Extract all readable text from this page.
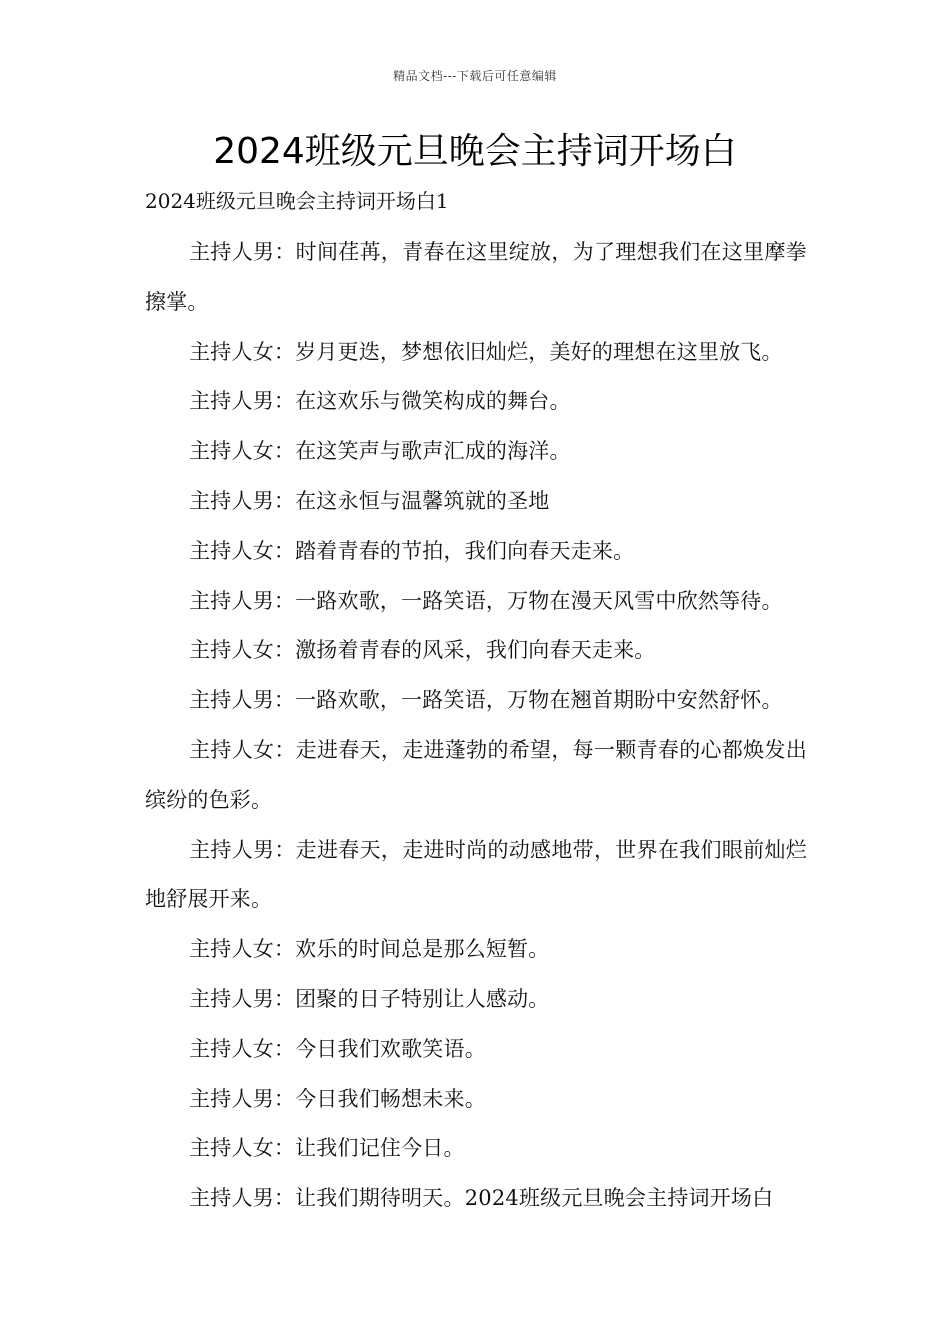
精品文档---下载后可任意编辑
2024班级元旦晚会主持词开场白

2024班级元旦晚会主持词开场白1

主持人男：时间荏苒，青春在这里绽放，为了理想我们在这里摩拳擦掌。

主持人女：岁月更迭，梦想依旧灿烂，美好的理想在这里放飞。

主持人男：在这欢乐与微笑构成的舞台。

主持人女：在这笑声与歌声汇成的海洋。

主持人男：在这永恒与温馨筑就的圣地

主持人女：踏着青春的节拍，我们向春天走来。

主持人男：一路欢歌，一路笑语，万物在漫天风雪中欣然等待。

主持人女：激扬着青春的风采，我们向春天走来。

主持人男：一路欢歌，一路笑语，万物在翘首期盼中安然舒怀。

主持人女：走进春天，走进蓬勃的希望，每一颗青春的心都焕发出缤纷的色彩。

主持人男：走进春天，走进时尚的动感地带，世界在我们眼前灿烂地舒展开来。

主持人女：欢乐的时间总是那么短暂。

主持人男：团聚的日子特别让人感动。

主持人女：今日我们欢歌笑语。

主持人男：今日我们畅想未来。

主持人女：让我们记住今日。

主持人男：让我们期待明天。2024班级元旦晚会主持词开场白
